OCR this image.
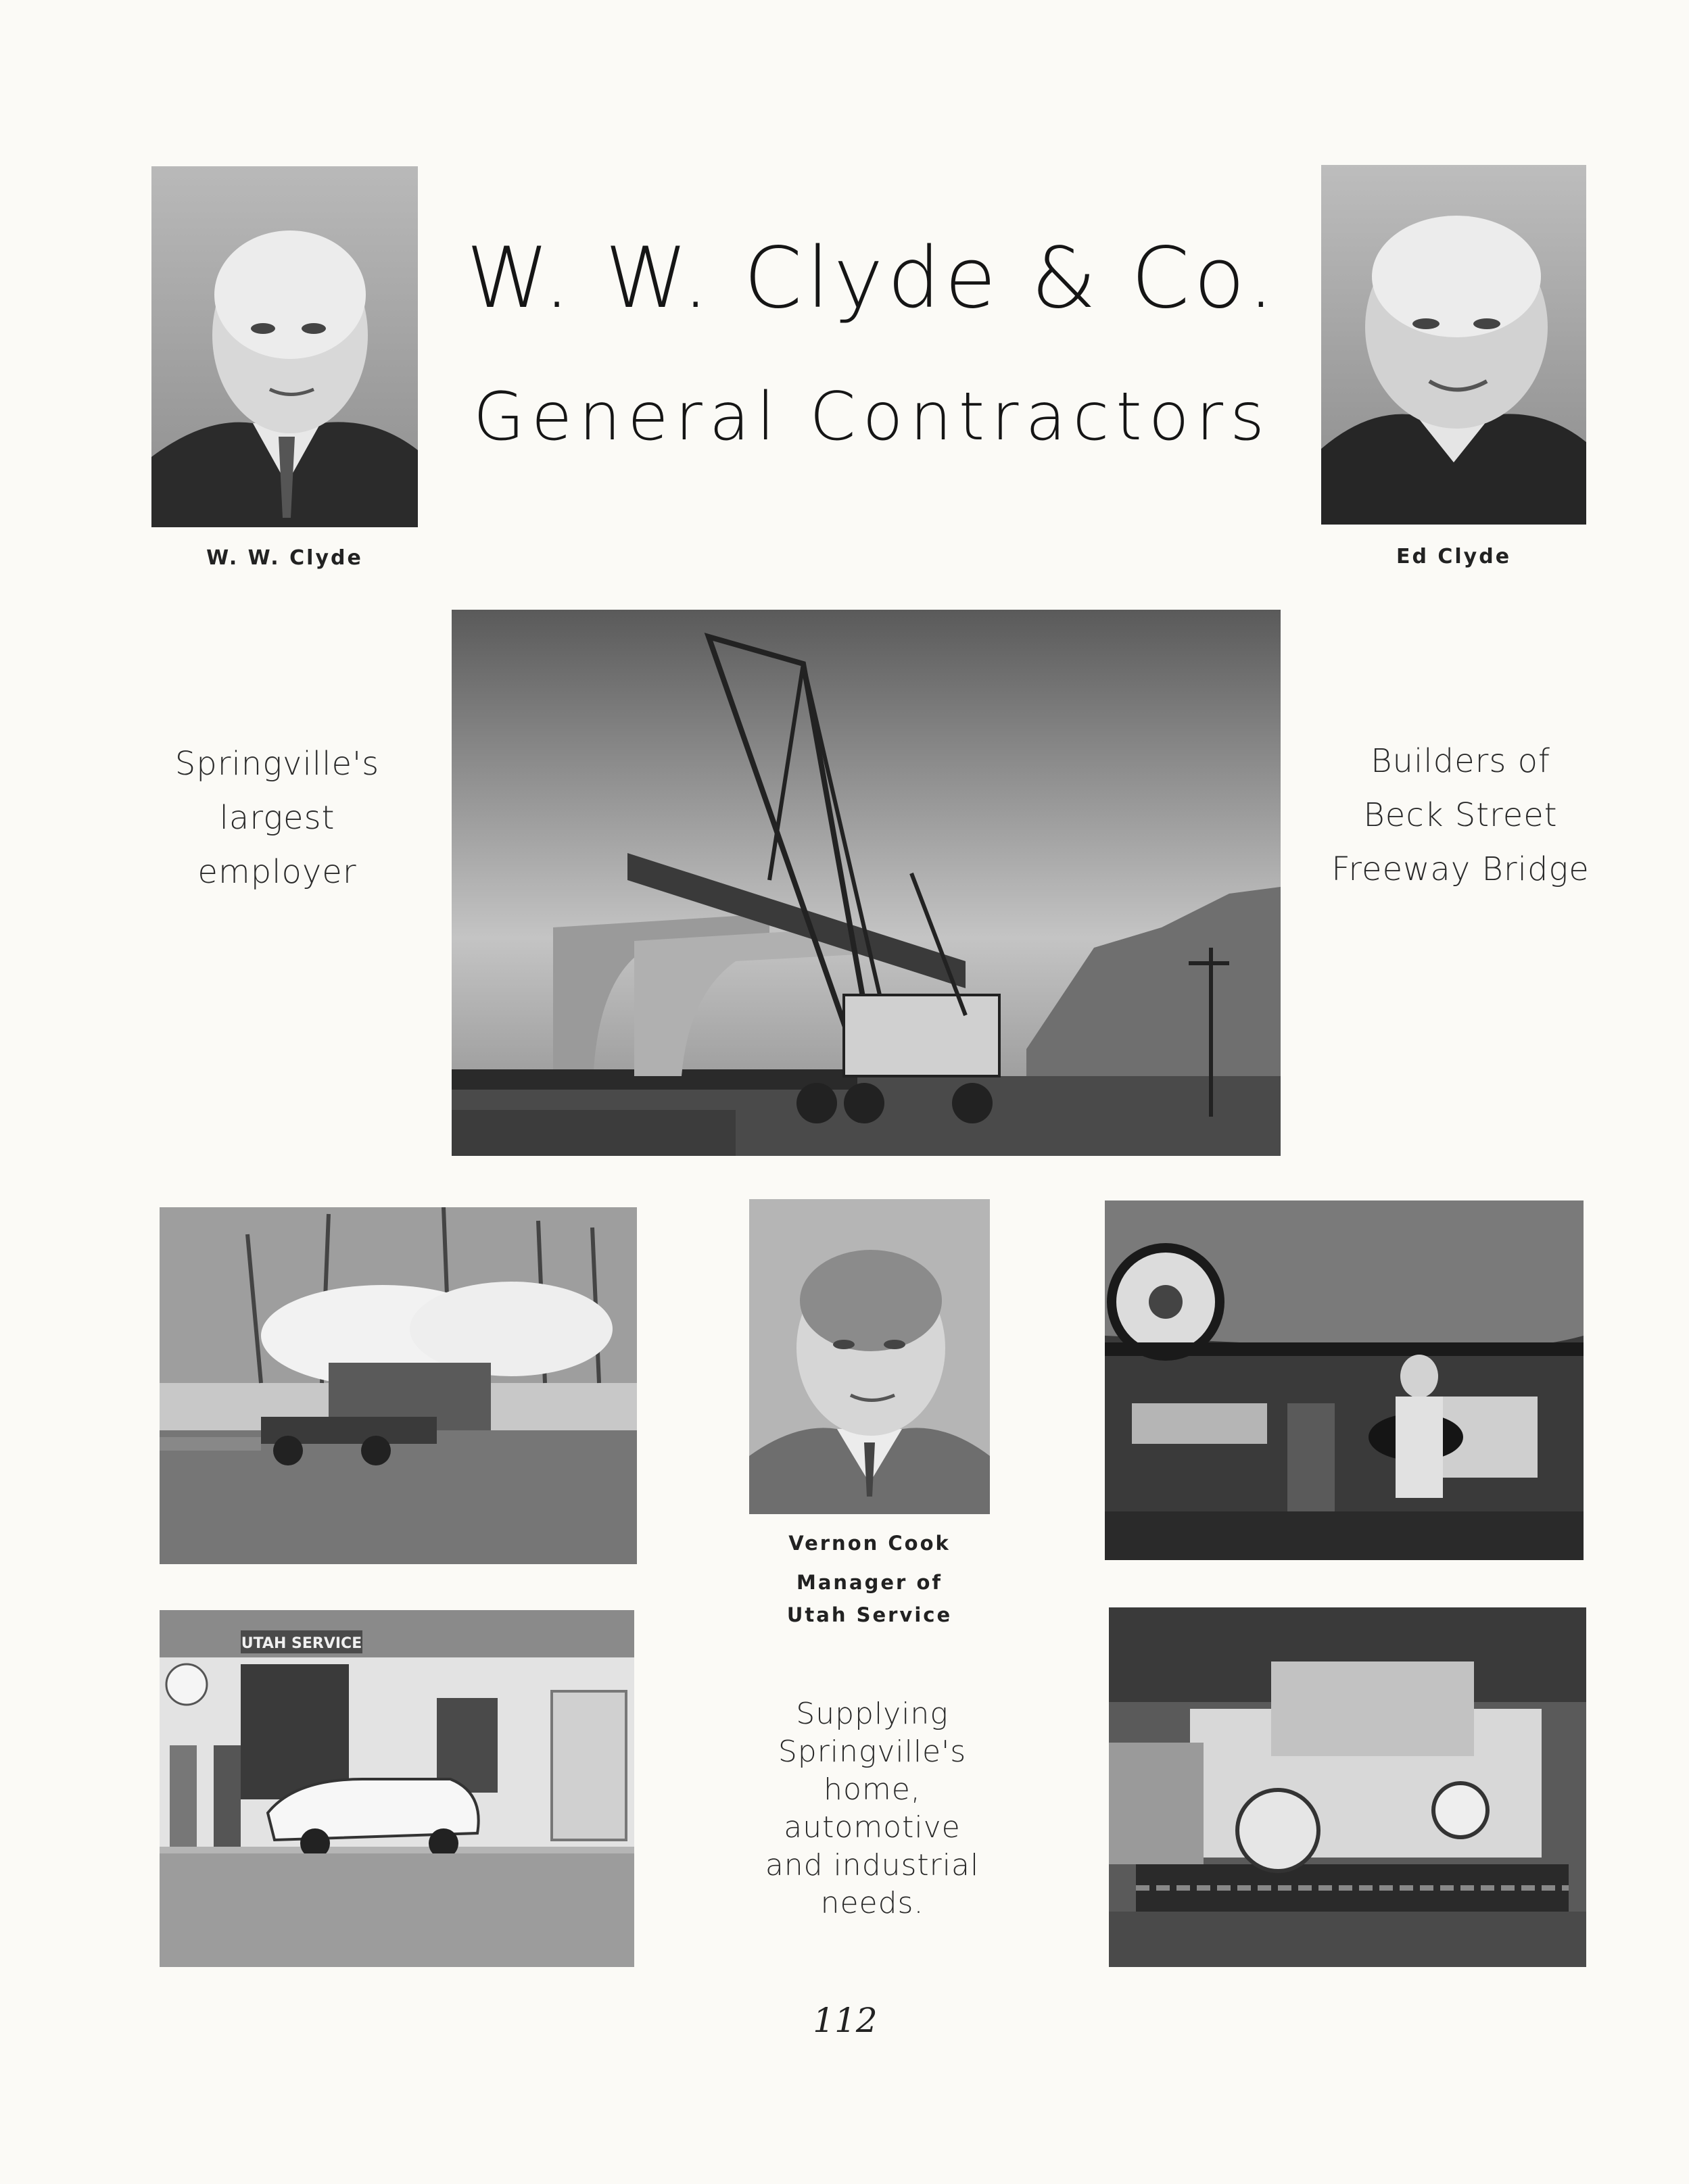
W. W. Clyde & Co.
General Contractors
W. W. Clyde	Ed Clyde
Springville's
largest
employer
Builders of
Beck Street
Freeway Bridge
UTAH SERVICE
Vernon Cook
Manager of
Utah Service
Supplying
Springville's
home,
automotive
and industrial
needs.
112
